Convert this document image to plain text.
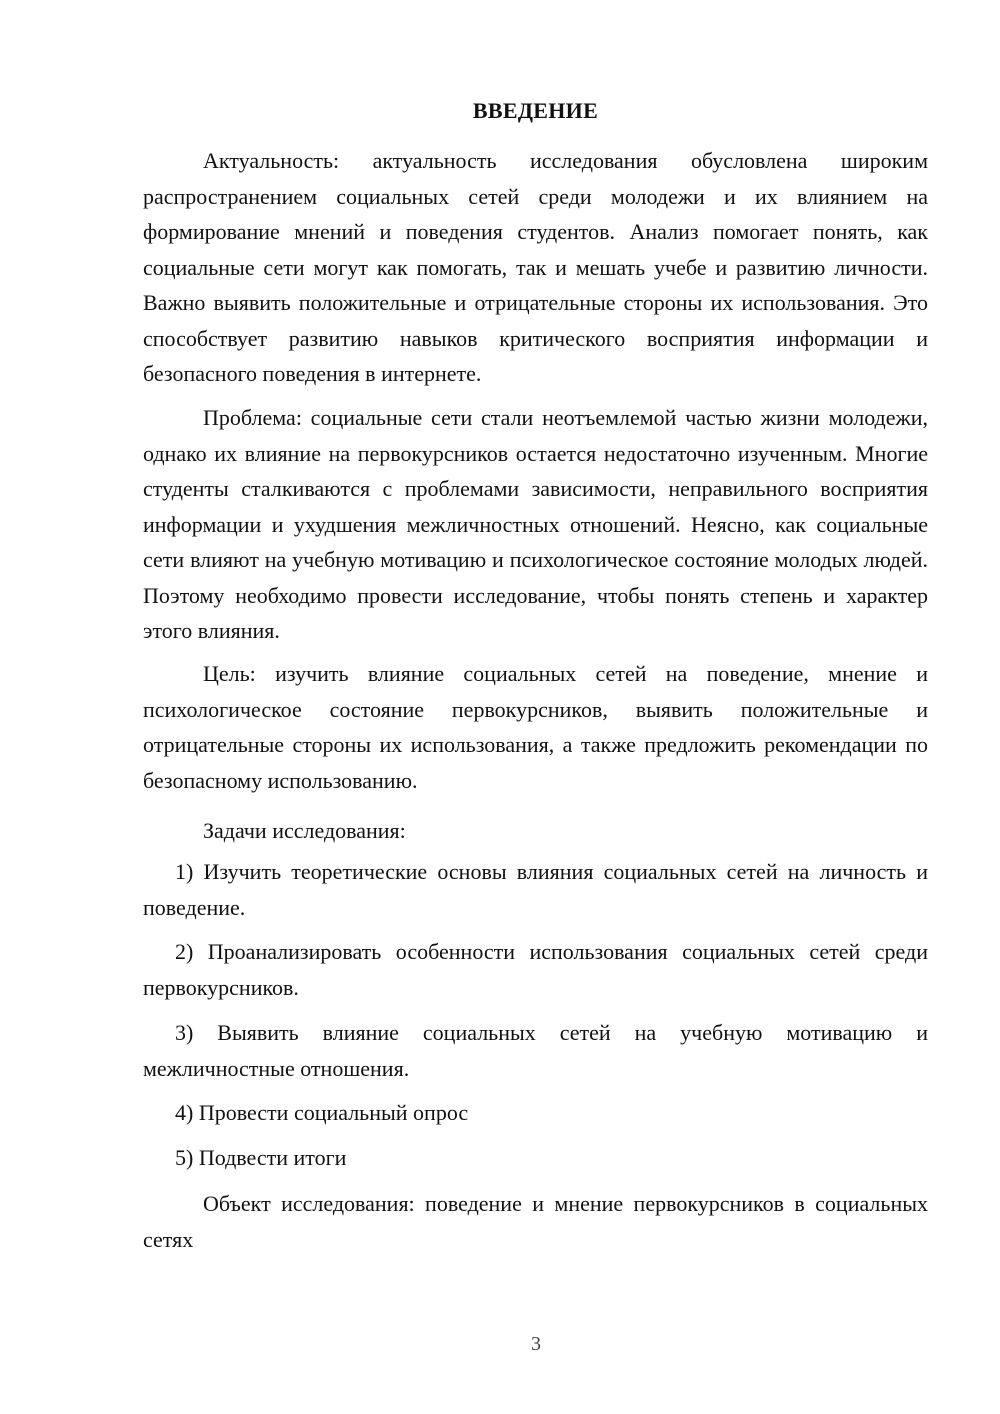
ВВЕДЕНИЕ

Актуальность: актуальность исследования обусловлена широким распространением социальных сетей среди молодежи и их влиянием на формирование мнений и поведения студентов. Анализ помогает понять, как социальные сети могут как помогать, так и мешать учебе и развитию личности. Важно выявить положительные и отрицательные стороны их использования. Это способствует развитию навыков критического восприятия информации и безопасного поведения в интернете.

Проблема: социальные сети стали неотъемлемой частью жизни молодежи, однако их влияние на первокурсников остается недостаточно изученным. Многие студенты сталкиваются с проблемами зависимости, неправильного восприятия информации и ухудшения межличностных отношений. Неясно, как социальные сети влияют на учебную мотивацию и психологическое состояние молодых людей. Поэтому необходимо провести исследование, чтобы понять степень и характер этого влияния.

Цель: изучить влияние социальных сетей на поведение, мнение и психологическое состояние первокурсников, выявить положительные и отрицательные стороны их использования, а также предложить рекомендации по безопасному использованию.

Задачи исследования:

1) Изучить теоретические основы влияния социальных сетей на личность и поведение.

2) Проанализировать особенности использования социальных сетей среди первокурсников.

3) Выявить влияние социальных сетей на учебную мотивацию и межличностные отношения.

4) Провести социальный опрос

5) Подвести итоги

Объект исследования: поведение и мнение первокурсников в социальных сетях

3
